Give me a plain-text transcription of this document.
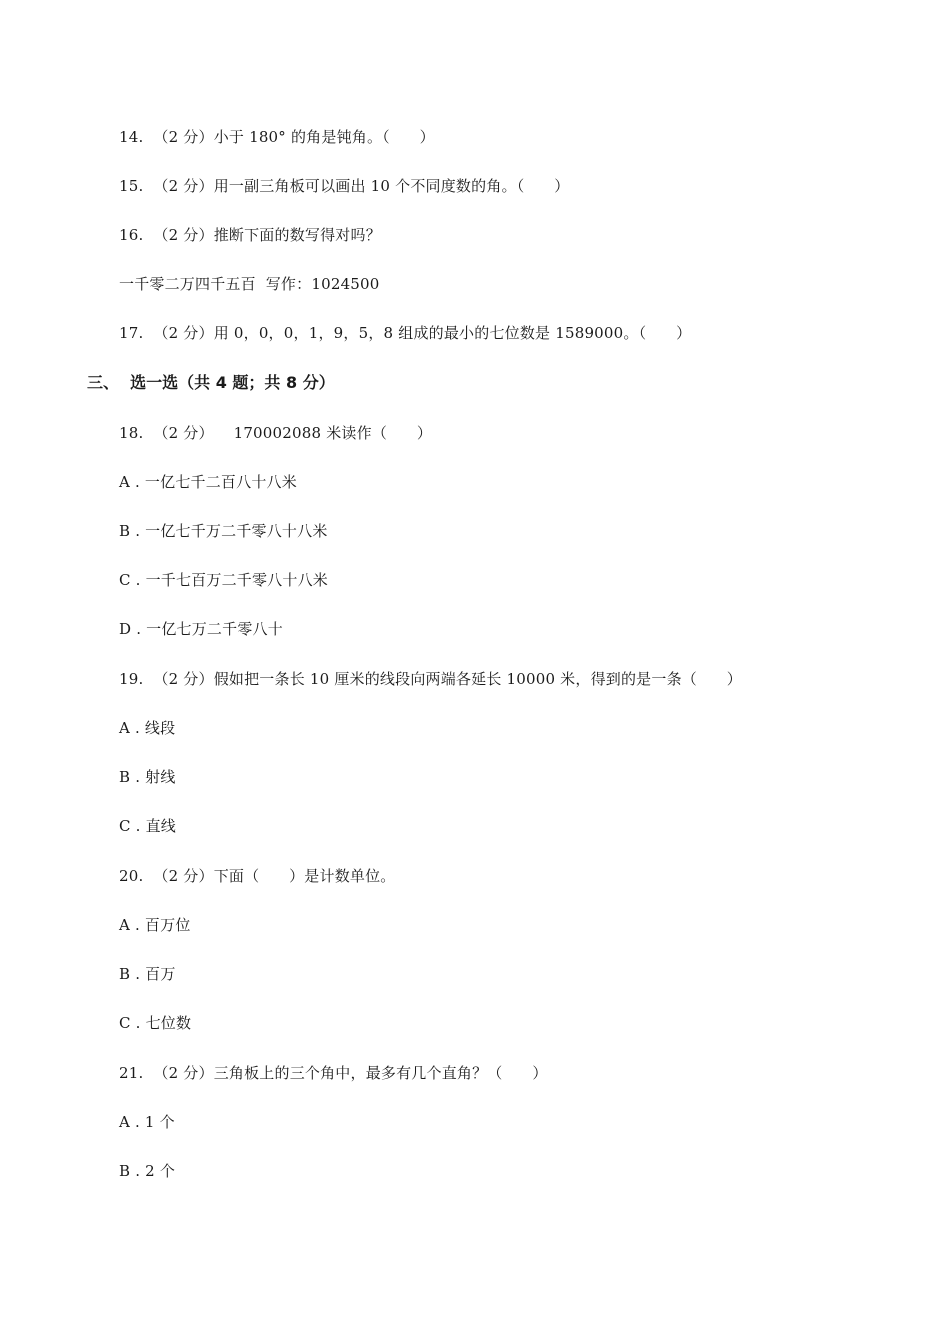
14.  （2 分）小于 180° 的角是钝角。（      ）
15.  （2 分）用一副三角板可以画出 10 个不同度数的角。（      ）
16.  （2 分）推断下面的数写得对吗？
一千零二万四千五百  写作：1024500
17.  （2 分）用 0，0，0，1，9，5，8 组成的最小的七位数是 1589000。（      ）
三、  选一选（共 4 题；共 8 分）
18.  （2 分）    170002088 米读作（      ）
A . 一亿七千二百八十八米
B . 一亿七千万二千零八十八米
C . 一千七百万二千零八十八米
D . 一亿七万二千零八十
19.  （2 分）假如把一条长 10 厘米的线段向两端各延长 10000 米，得到的是一条（      ）
A . 线段
B . 射线
C . 直线
20.  （2 分）下面（      ）是计数单位。
A . 百万位
B . 百万
C . 七位数
21.  （2 分）三角板上的三个角中，最多有几个直角？（      ）
A . 1 个
B . 2 个
